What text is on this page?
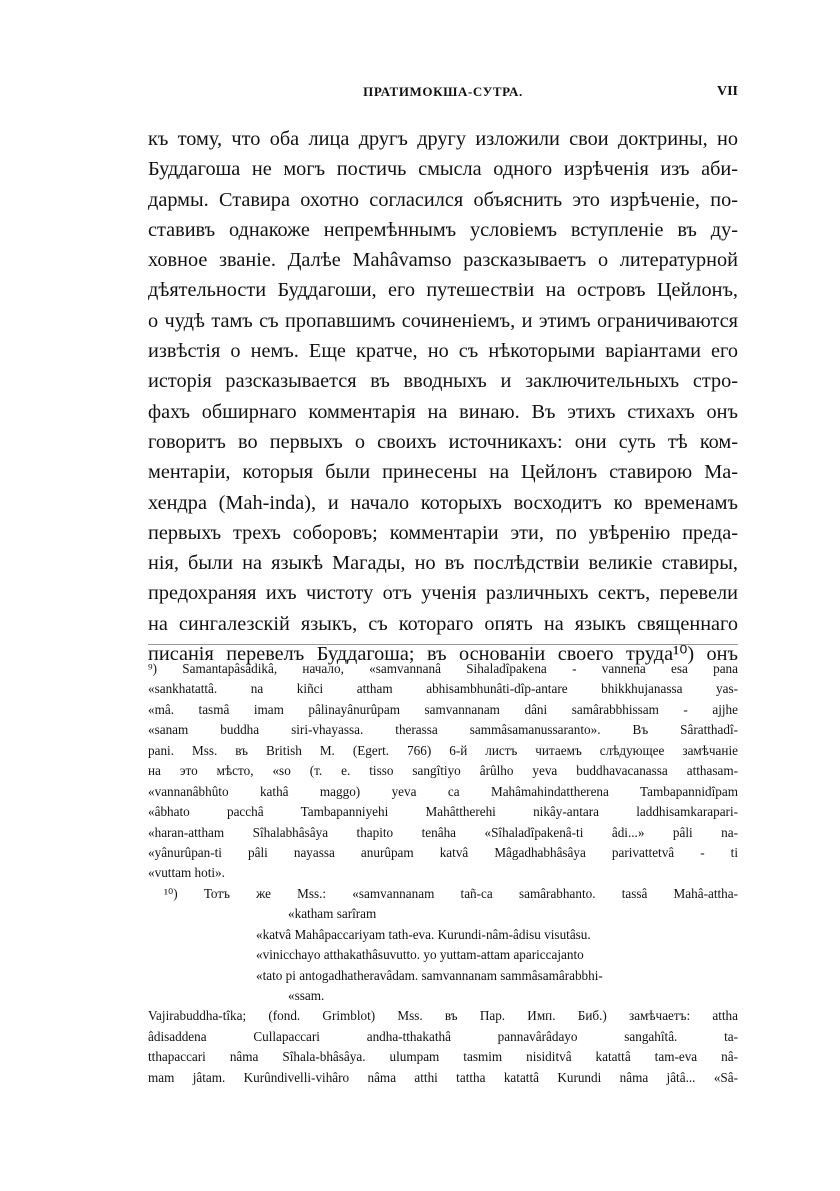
ПРАТИМОКША-СУТРА.	VII
къ тому, что оба лица другъ другу изложили свои доктрины, но
Буддагоша не могъ постичь смысла одного изрѣченія изъ аби-
дармы. Ставира охотно согласился объяснить это изрѣченіе, по-
ставивъ однакоже непремѣннымъ условіемъ вступленіе въ ду-
ховное званіе. Далѣе Mahâvamso разсказываетъ о литературной
дѣятельности Буддагоши, его путешествіи на островъ Цейлонъ,
о чудѣ тамъ съ пропавшимъ сочиненіемъ, и этимъ ограничиваются
извѣстія о немъ. Еще кратче, но съ нѣкоторыми варіантами его
исторія разсказывается въ вводныхъ и заключительныхъ стро-
фахъ обширнаго комментарія на винаю. Въ этихъ стихахъ онъ
говоритъ во первыхъ о своихъ источникахъ: они суть тѣ ком-
ментаріи, которыя были принесены на Цейлонъ ставирою Ма-
хендра (Mah-inda), и начало которыхъ восходитъ ко временамъ
первыхъ трехъ соборовъ; комментаріи эти, по увѣренію преда-
нія, были на языкѣ Магады, но въ послѣдствіи великіе ставиры,
предохраняя ихъ чистоту отъ ученія различныхъ сектъ, перевели
на сингалезскій языкъ, съ котораго опять на языкъ священнаго
писанія перевелъ Буддагоша; въ основаніи своего труда¹⁰) онъ
⁹) Samantapâsâdikâ, начало, «samvannanâ Sihaladîpakena - vannena esa pana
«sankhatattâ. na kiñci attham abhisambhunâti-dîp-antare bhikkhujanassa yas-
«mâ. tasmâ imam pâlinayânurûpam samvannanam dâni samârabbhissam - ajjhe
«sanam buddha siri-vhayassa. therassa sammâsamanussaranto». Въ Sâratthadî-
pani. Mss. въ British M. (Egert. 766) 6-й листъ читаемъ слѣдующее замѣчаніе
на это мѣсто, «so (т. е. tisso sangîtiyo ârûlho yeva buddhavacanassa atthasam-
«vannanâbhûto kathâ maggo) yeva ca Mahâmahindattherena Tambapannidîpam
«âbhato pacchâ Tambapanniyehi Mahâttherehi nikây-antara laddhisamkarapari-
«haran-attham Sîhalabhâsâya thapito tenâha «Sîhaladîpakenâ-ti âdi...» pâli na-
«yânurûpan-ti pâli nayassa anurûpam katvâ Mâgadhabhâsâya parivattetvâ - ti
«vuttam hoti».
¹⁰) Тотъ же Mss.: «samvannanam tañ-ca samârabhanto. tassâ Mahâ-attha-
«katham sarîram
«katvâ Mahâpaccariyam tath-eva. Kurundi-nâm-âdisu visutâsu.
«vinicchayo atthakathâsuvutto. yo yuttam-attam apariccajanto
«tato pi antogadhatheravâdam. samvannanam sammâsamârabbhi-
«ssam.
Vajirabuddha-tîka; (fond. Grimblot) Mss. въ Пар. Имп. Биб.) замѣчаетъ: attha
âdisaddena Cullapaccari andha-tthakathâ pannavârâdayo sangahîtâ. ta-
tthapaccari nâma Sîhala-bhâsâya. ulumpam tasmim nisiditvâ katattâ tam-eva nâ-
mam jâtam. Kurûndivelli-vihâro nâma atthi tattha katattâ Kurundi nâma jâtâ... «Sâ-
